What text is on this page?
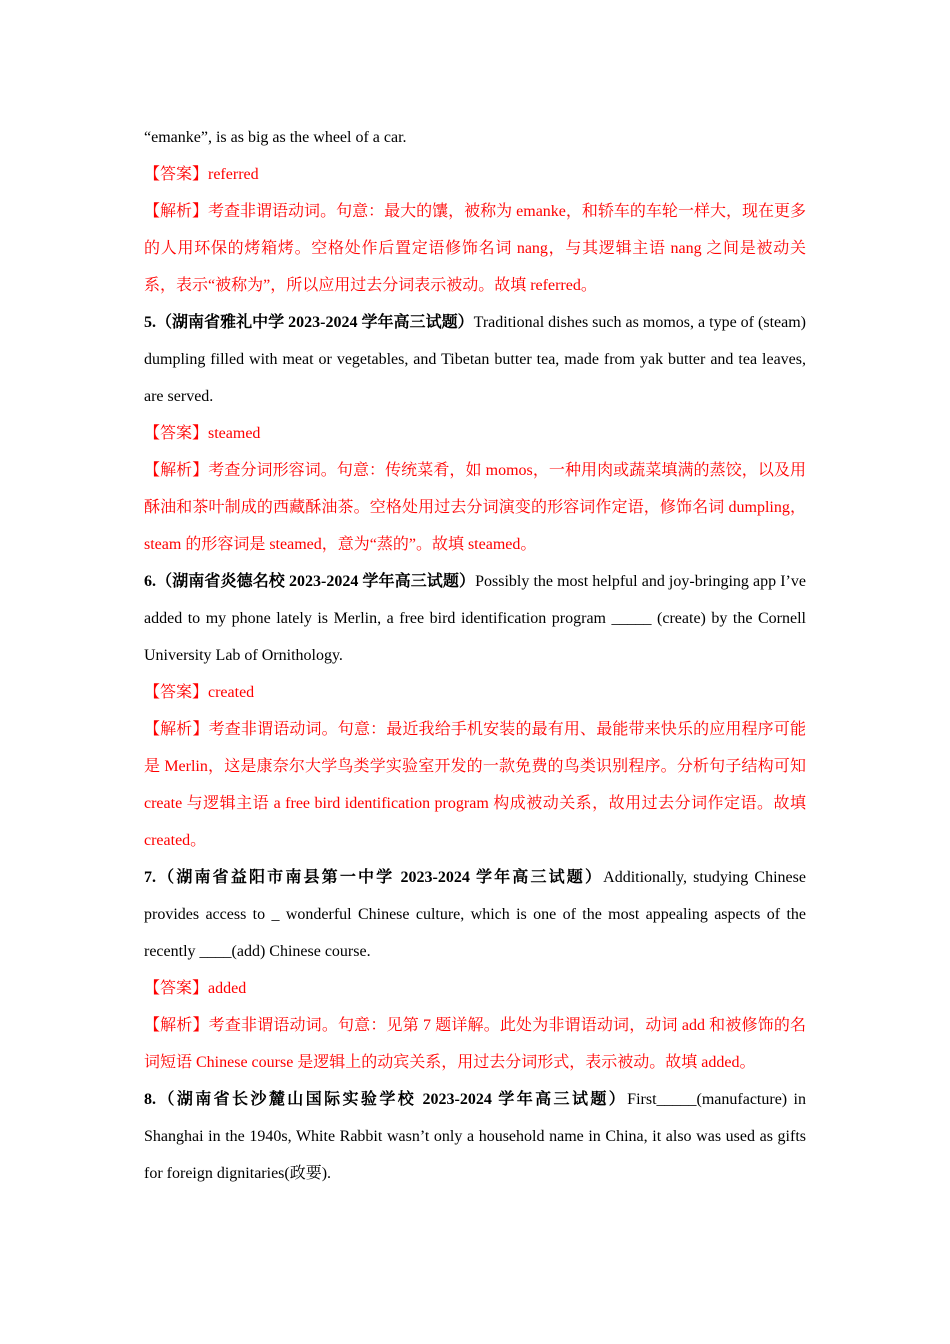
“emanke”, is as big as the wheel of a car.

【答案】referred

【解析】考查非谓语动词。句意：最大的馕，被称为 emanke，和轿车的车轮一样大，现在更多的人用环保的烤箱烤。空格处作后置定语修饰名词 nang，与其逻辑主语 nang 之间是被动关系，表示“被称为”，所以应用过去分词表示被动。故填 referred。

5.（湖南省雅礼中学 2023-2024 学年高三试题）Traditional dishes such as momos, a type of (steam) dumpling filled with meat or vegetables, and Tibetan butter tea, made from yak butter and tea leaves, are served.

【答案】steamed

【解析】考查分词形容词。句意：传统菜肴，如 momos，一种用肉或蔬菜填满的蒸饺，以及用酥油和茶叶制成的西藏酥油茶。空格处用过去分词演变的形容词作定语，修饰名词 dumpling，steam 的形容词是 steamed，意为“蒸的”。故填 steamed。

6.（湖南省炎德名校 2023-2024 学年高三试题）Possibly the most helpful and joy-bringing app I’ve added to my phone lately is Merlin, a free bird identification program _____ (create) by the Cornell University Lab of Ornithology.

【答案】created

【解析】考查非谓语动词。句意：最近我给手机安装的最有用、最能带来快乐的应用程序可能是 Merlin，这是康奈尔大学鸟类学实验室开发的一款免费的鸟类识别程序。分析句子结构可知 create 与逻辑主语 a free bird identification program 构成被动关系，故用过去分词作定语。故填 created。

7.（湖南省益阳市南县第一中学 2023-2024 学年高三试题）Additionally, studying Chinese provides access to _ wonderful Chinese culture, which is one of the most appealing aspects of the recently ____(add) Chinese course.

【答案】added

【解析】考查非谓语动词。句意：见第 7 题详解。此处为非谓语动词，动词 add 和被修饰的名词短语 Chinese course 是逻辑上的动宾关系，用过去分词形式，表示被动。故填 added。

8.（湖南省长沙麓山国际实验学校 2023-2024 学年高三试题）First_____(manufacture) in Shanghai in the 1940s, White Rabbit wasn’t only a household name in China, it also was used as gifts for foreign dignitaries(政要).
